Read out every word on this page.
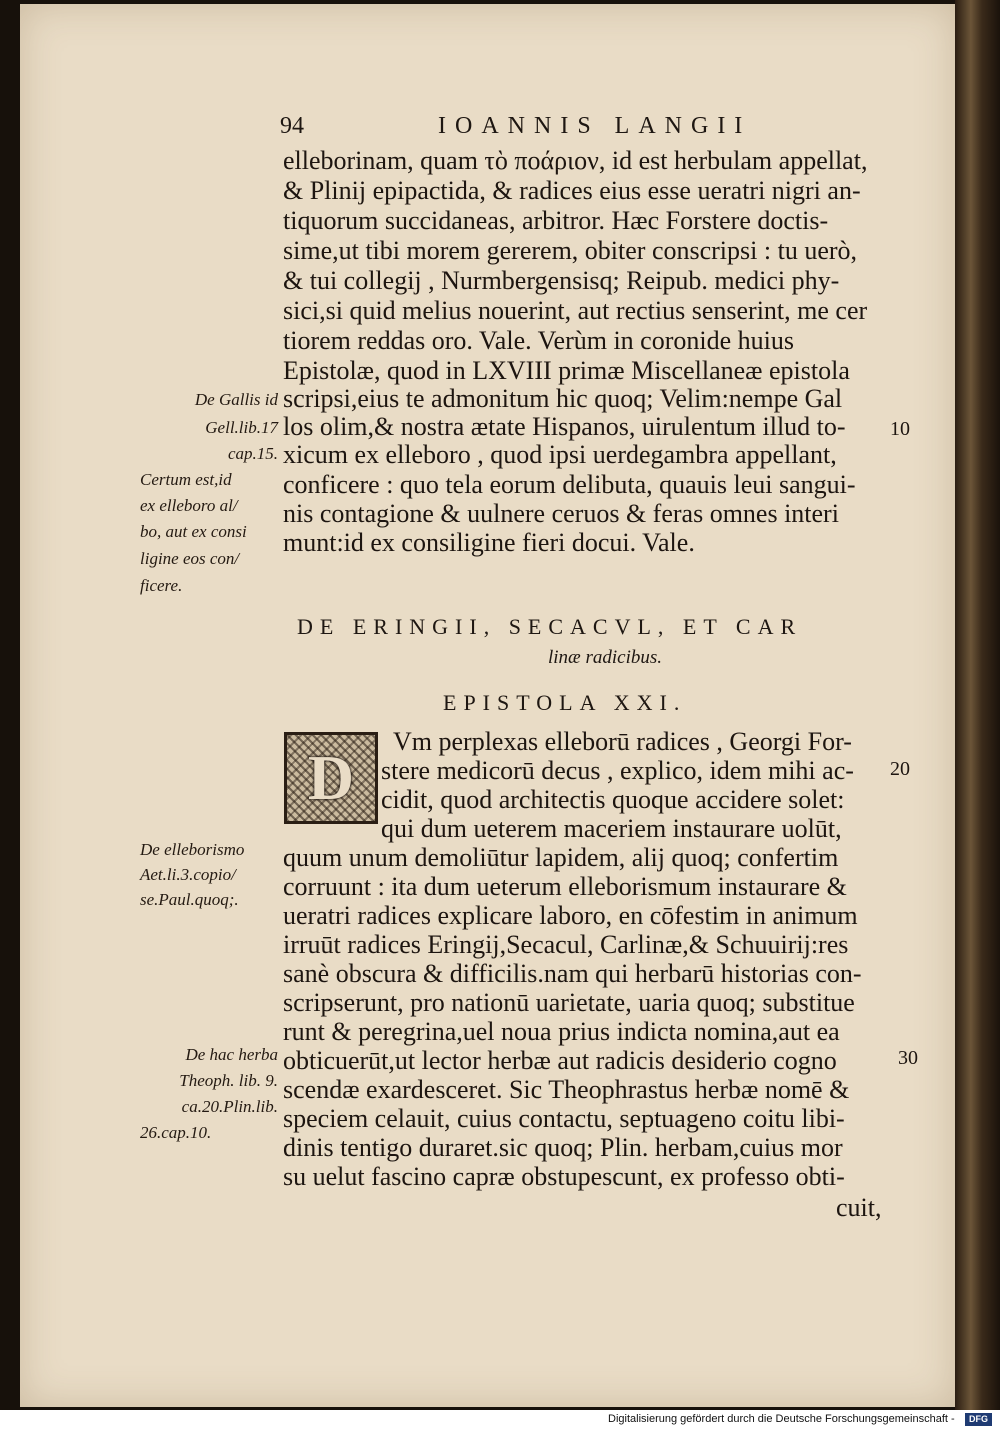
94	IOANNIS LANGII
elleborinam, quam τὸ ποάριον, id est herbulam appellat,
& Plinij epipactida, & radices eius esse ueratri nigri an-
tiquorum succidaneas, arbitror. Hæc Forstere doctis-
sime,ut tibi morem gererem, obiter conscripsi : tu uerò,
& tui collegij , Nurmbergensisq; Reipub. medici phy-
sici,si quid melius nouerint, aut rectius senserint, me cer
tiorem reddas oro. Vale. Verùm in coronide huius
Epistolæ, quod in LXVIII primæ Miscellaneæ epistola
scripsi,eius te admonitum hic quoq; Velim:nempe Gal
los olim,& nostra ætate Hispanos, uirulentum illud to-
xicum ex elleboro , quod ipsi uerdegambra appellant,
conficere : quo tela eorum delibuta, quauis leui sangui-
nis contagione & uulnere ceruos & feras omnes interi
munt:id ex consiligine fieri docui. Vale.
10
De Gallis id
Gell.lib.17
cap.15.
Certum est,id
ex elleboro al/
bo, aut ex consi
ligine eos con/
ficere.
DE ERINGII, SECACVL, ET CAR
linæ radicibus.
EPISTOLA XXI.
D
Vm perplexas elleborū radices , Georgi For-
stere medicorū decus , explico, idem mihi ac-
cidit, quod architectis quoque accidere solet:
qui dum ueterem maceriem instaurare uolūt,
quum unum demoliūtur lapidem, alij quoq; confertim
corruunt : ita dum ueterum elleborismum instaurare &
ueratri radices explicare laboro, en cōfestim in animum
irruūt radices Eringij,Secacul, Carlinæ,& Schuuirij:res
sanè obscura & difficilis.nam qui herbarū historias con-
scripserunt, pro nationū uarietate, uaria quoq; substitue
runt & peregrina,uel noua prius indicta nomina,aut ea
obticuerūt,ut lector herbæ aut radicis desiderio cogno
scendæ exardesceret. Sic Theophrastus herbæ nomē &
speciem celauit, cuius contactu, septuageno coitu libi-
dinis tentigo duraret.sic quoq; Plin. herbam,cuius mor
su uelut fascino capræ obstupescunt, ex professo obti-
cuit,
20
30
De elleborismo
Aet.li.3.copio/
se.Paul.quoq;.
De hac herba
Theoph. lib. 9.
ca.20.Plin.lib.
26.cap.10.
Digitalisierung gefördert durch die Deutsche Forschungsgemeinschaft -	DFG
